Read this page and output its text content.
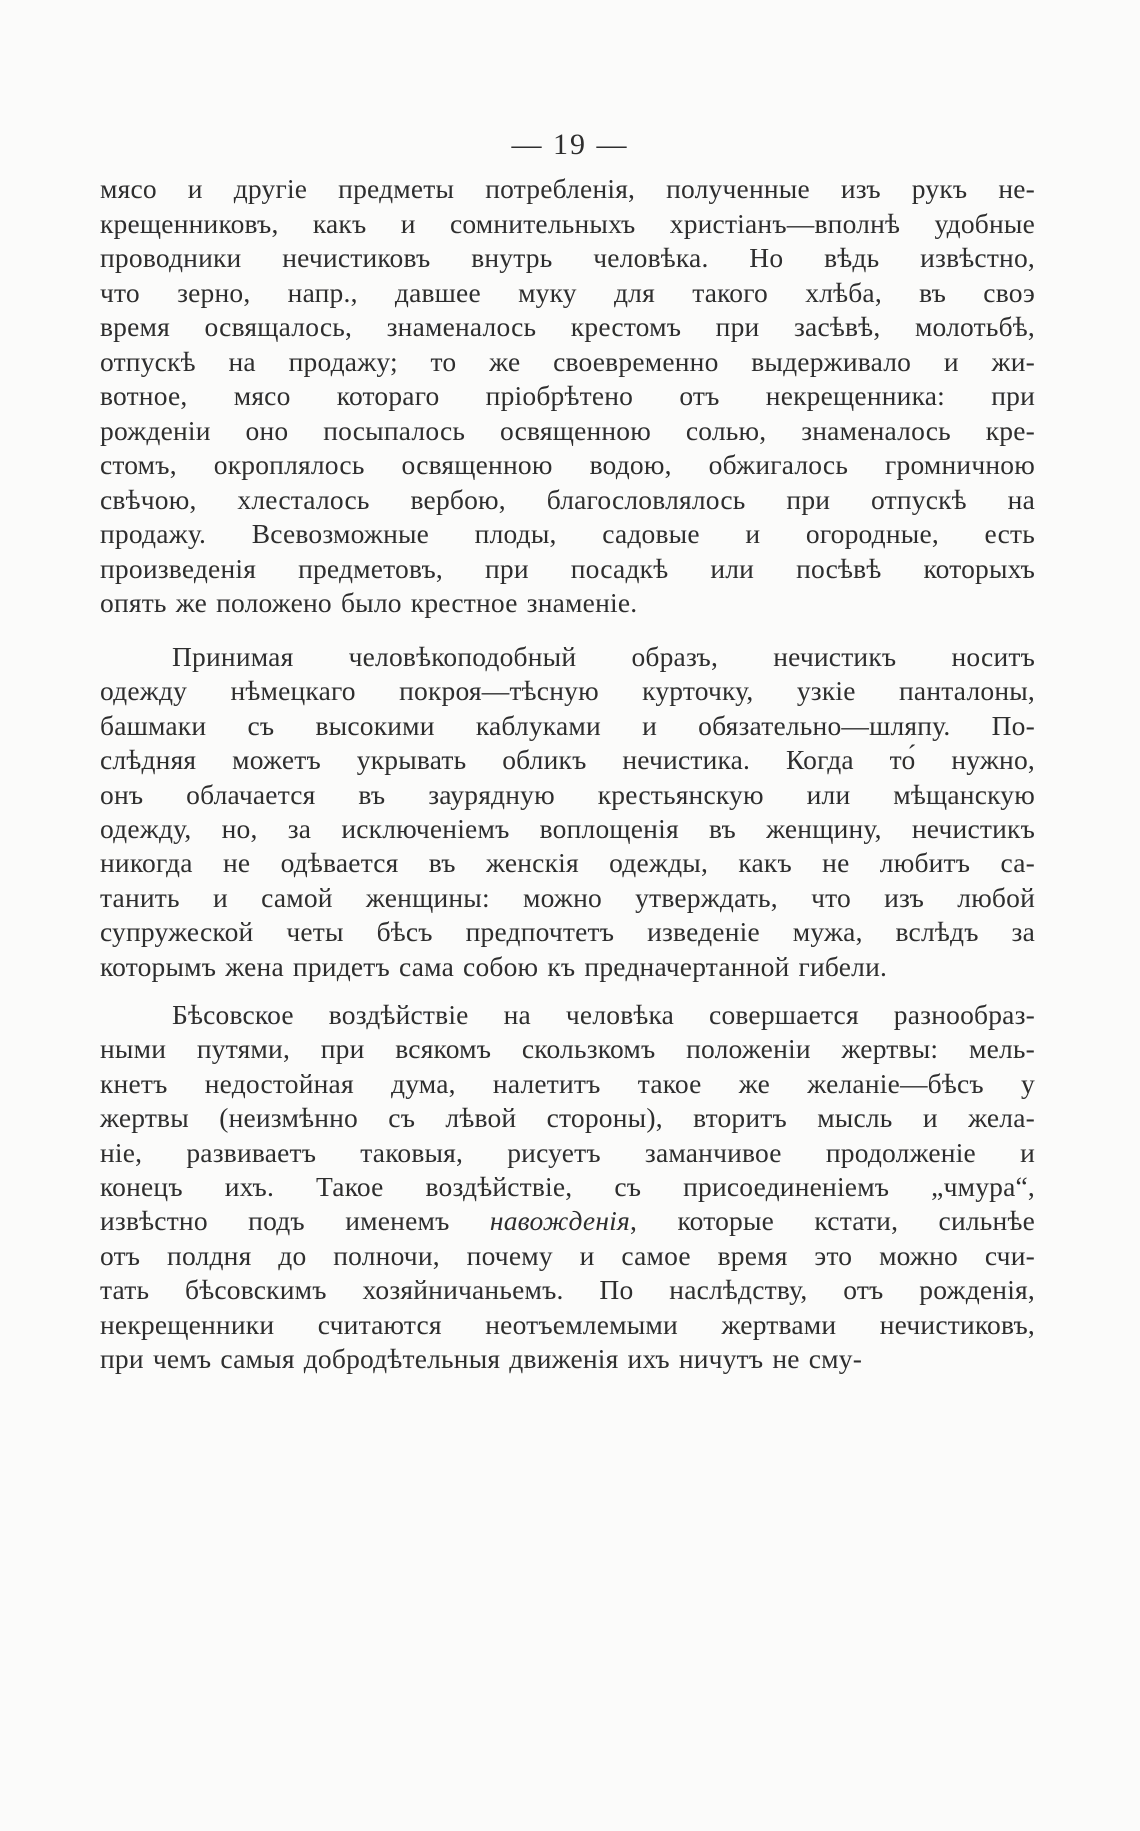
— 19 —
мясо и другіе предметы потребленія, полученные изъ рукъ не-
крещенниковъ, какъ и сомнительныхъ христіанъ—вполнѣ удобные
проводники нечистиковъ внутрь человѣка. Но вѣдь извѣстно,
что зерно, напр., давшее муку для такого хлѣба, въ своэ
время освящалось, знаменалось крестомъ при засѣвѣ, молотьбѣ,
отпускѣ на продажу; то же своевременно выдерживало и жи-
вотное, мясо котораго пріобрѣтено отъ некрещенника: при
рожденіи оно посыпалось освященною солью, знаменалось кре-
стомъ, окроплялось освященною водою, обжигалось громничною
свѣчою, хлесталось вербою, благословлялось при отпускѣ на
продажу. Всевозможные плоды, садовые и огородные, есть
произведенія предметовъ, при посадкѣ или посѣвѣ которыхъ
опять же положено было крестное знаменіе.
Принимая человѣкоподобный образъ, нечистикъ носитъ
одежду нѣмецкаго покроя—тѣсную курточку, узкіе панталоны,
башмаки съ высокими каблуками и обязательно—шляпу. По-
слѣдняя можетъ укрывать обликъ нечистика. Когда то́ нужно,
онъ облачается въ заурядную крестьянскую или мѣщанскую
одежду, но, за исключеніемъ воплощенія въ женщину, нечистикъ
никогда не одѣвается въ женскія одежды, какъ не любитъ са-
танить и самой женщины: можно утверждать, что изъ любой
супружеской четы бѣсъ предпочтетъ изведеніе мужа, вслѣдъ за
которымъ жена придетъ сама собою къ предначертанной гибели.
Бѣсовское воздѣйствіе на человѣка совершается разнообраз-
ными путями, при всякомъ скользкомъ положеніи жертвы: мель-
кнетъ недостойная дума, налетитъ такое же желаніе—бѣсъ у
жертвы (неизмѣнно съ лѣвой стороны), вторитъ мысль и жела-
ніе, развиваетъ таковыя, рисуетъ заманчивое продолженіе и
конецъ ихъ. Такое воздѣйствіе, съ присоединеніемъ „чмура“,
извѣстно подъ именемъ навожденія, которые кстати, сильнѣе
отъ полдня до полночи, почему и самое время это можно счи-
тать бѣсовскимъ хозяйничаньемъ. По наслѣдству, отъ рожденія,
некрещенники считаются неотъемлемыми жертвами нечистиковъ,
при чемъ самыя добродѣтельныя движенія ихъ ничутъ не сму-
